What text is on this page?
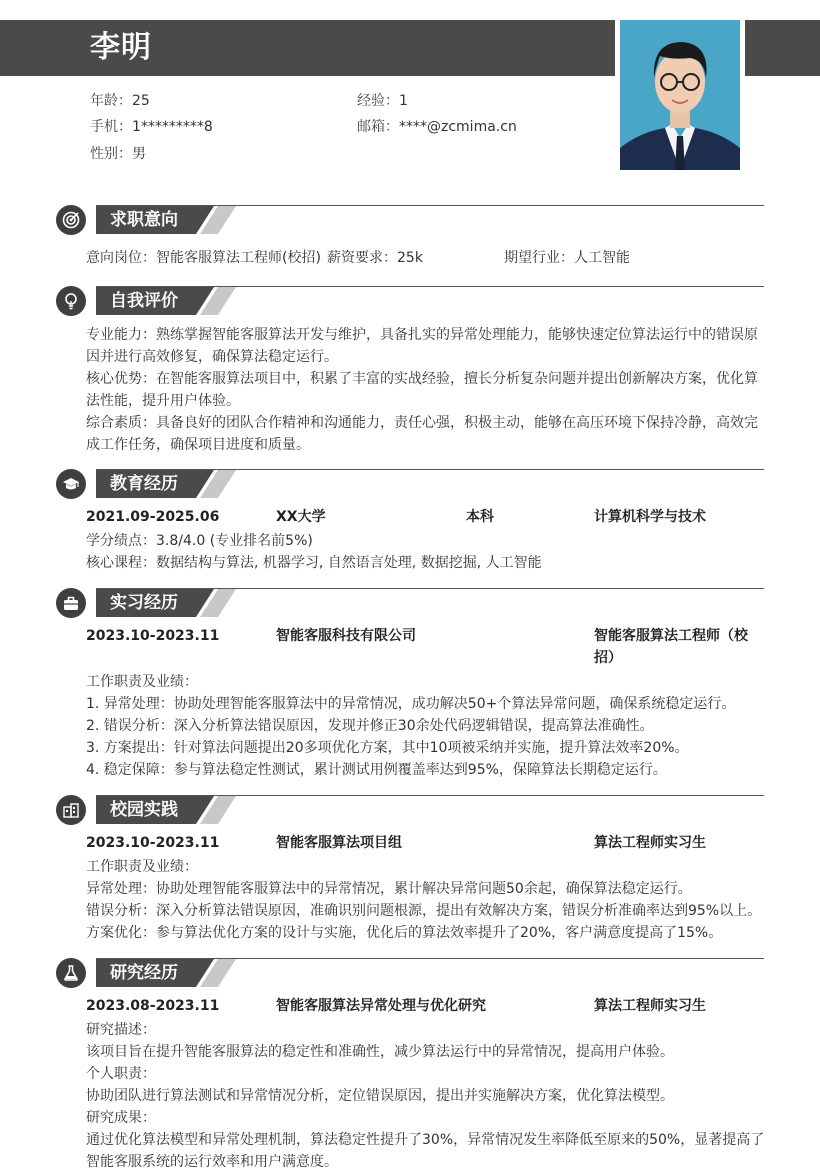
李明
年龄：25	经验：1
手机：1*********8	邮箱：****@zcmima.cn
性别：男
求职意向
意向岗位：智能客服算法工程师(校招) 薪资要求：25k	期望行业：人工智能
自我评价
专业能力：熟练掌握智能客服算法开发与维护，具备扎实的异常处理能力，能够快速定位算法运行中的错误原因并进行高效修复，确保算法稳定运行。
核心优势：在智能客服算法项目中，积累了丰富的实战经验，擅长分析复杂问题并提出创新解决方案，优化算法性能，提升用户体验。
综合素质：具备良好的团队合作精神和沟通能力，责任心强，积极主动，能够在高压环境下保持冷静，高效完成工作任务，确保项目进度和质量。
教育经历
2021.09-2025.06	XX大学	本科	计算机科学与技术
学分绩点：3.8/4.0 (专业排名前5%)
核心课程：数据结构与算法, 机器学习, 自然语言处理, 数据挖掘, 人工智能
实习经历
2023.10-2023.11	智能客服科技有限公司	智能客服算法工程师（校招）
工作职责及业绩：
1. 异常处理：协助处理智能客服算法中的异常情况，成功解决50+个算法异常问题，确保系统稳定运行。
2. 错误分析：深入分析算法错误原因，发现并修正30余处代码逻辑错误，提高算法准确性。
3. 方案提出：针对算法问题提出20多项优化方案，其中10项被采纳并实施，提升算法效率20%。
4. 稳定保障：参与算法稳定性测试，累计测试用例覆盖率达到95%，保障算法长期稳定运行。
校园实践
2023.10-2023.11	智能客服算法项目组	算法工程师实习生
工作职责及业绩：
异常处理：协助处理智能客服算法中的异常情况，累计解决异常问题50余起，确保算法稳定运行。
错误分析：深入分析算法错误原因，准确识别问题根源，提出有效解决方案，错误分析准确率达到95%以上。
方案优化：参与算法优化方案的设计与实施，优化后的算法效率提升了20%，客户满意度提高了15%。
研究经历
2023.08-2023.11	智能客服算法异常处理与优化研究	算法工程师实习生
研究描述：
该项目旨在提升智能客服算法的稳定性和准确性，减少算法运行中的异常情况，提高用户体验。
个人职责：
协助团队进行算法测试和异常情况分析，定位错误原因，提出并实施解决方案，优化算法模型。
研究成果：
通过优化算法模型和异常处理机制，算法稳定性提升了30%，异常情况发生率降低至原来的50%，显著提高了智能客服系统的运行效率和用户满意度。
